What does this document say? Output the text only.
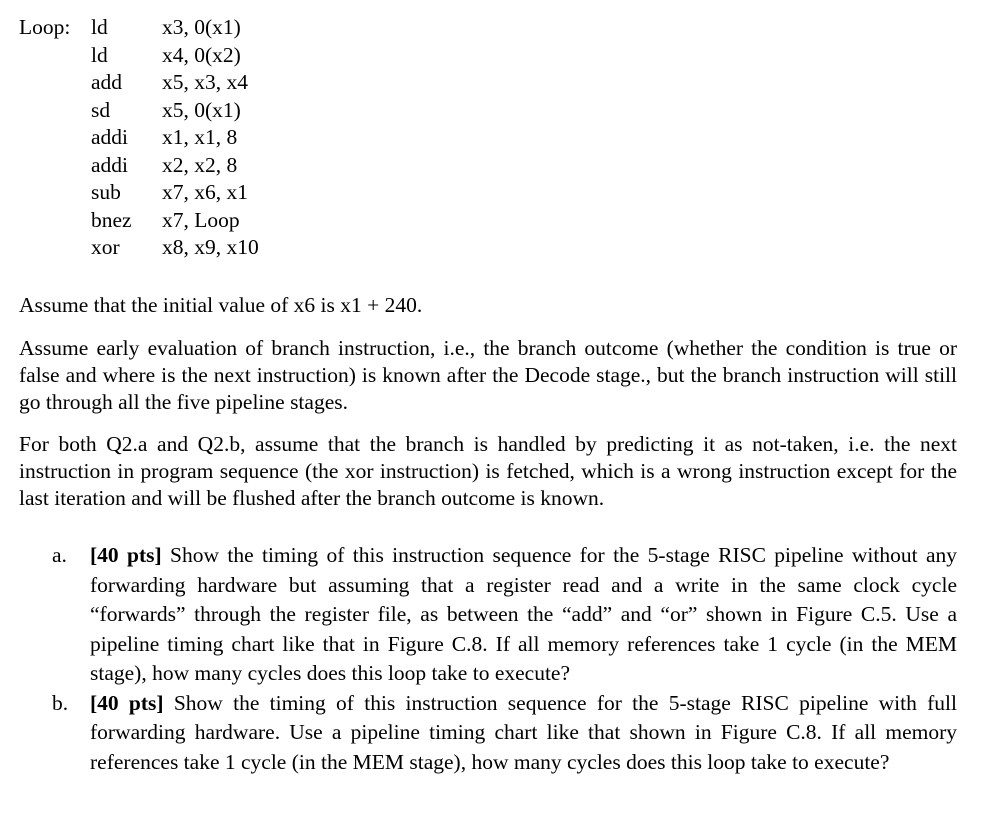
Loop: ld	x3, 0(x1)
ld	x4, 0(x2)
add x5, x3, x4
sd x5, 0(x1)
addi x1, x1, 8
addi x2, x2, 8
sub x7, x6, x1
bnez x7, Loop
xor x8, x9, x10

Assume that the initial value of x6 is x1 + 240.

Assume early evaluation of branch instruction, i.e., the branch outcome (whether the condition is true or false and where is the next instruction) is known after the Decode stage., but the branch instruction will still go through all the five pipeline stages.

For both Q2.a and Q2.b, assume that the branch is handled by predicting it as not-taken, i.e. the next instruction in program sequence (the xor instruction) is fetched, which is a wrong instruction except for the last iteration and will be flushed after the branch outcome is known.

a. [40 pts] Show the timing of this instruction sequence for the 5-stage RISC pipeline without any forwarding hardware but assuming that a register read and a write in the same clock cycle “forwards” through the register file, as between the “add” and “or” shown in Figure C.5. Use a pipeline timing chart like that in Figure C.8. If all memory references take 1 cycle (in the MEM stage), how many cycles does this loop take to execute?
b. [40 pts] Show the timing of this instruction sequence for the 5-stage RISC pipeline with full forwarding hardware. Use a pipeline timing chart like that shown in Figure C.8. If all memory references take 1 cycle (in the MEM stage), how many cycles does this loop take to execute?
